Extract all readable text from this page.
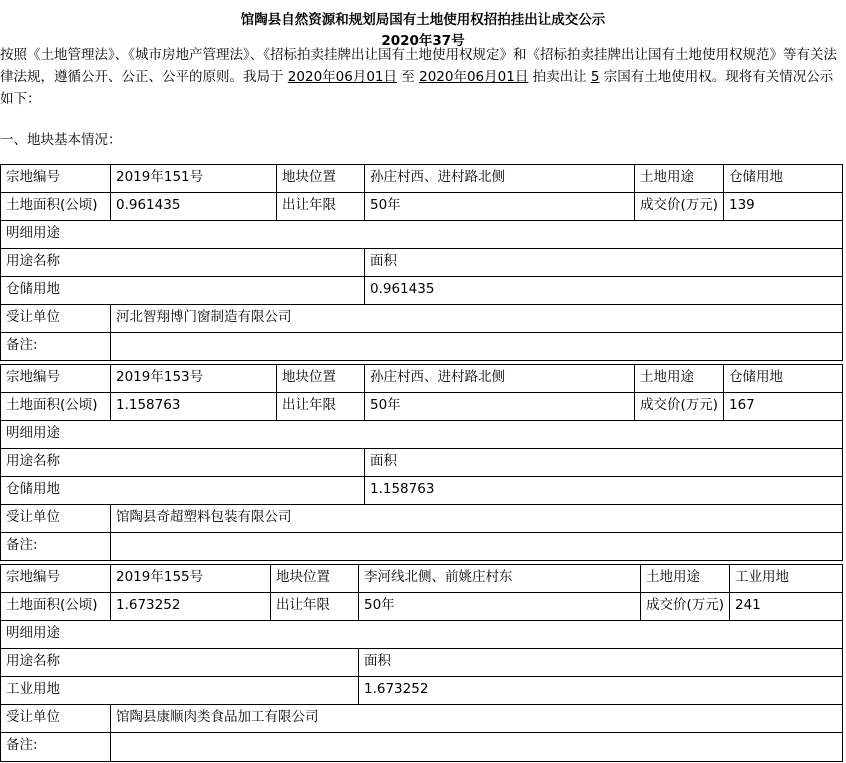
馆陶县自然资源和规划局国有土地使用权招拍挂出让成交公示
2020年37号
按照《土地管理法》、《城市房地产管理法》、《招标拍卖挂牌出让国有土地使用权规定》和《招标拍卖挂牌出让国有土地使用权规范》等有关法律法规，遵循公开、公正、公平的原则。我局于 2020年06月01日 至 2020年06月01日 拍卖出让 5 宗国有土地使用权。现将有关情况公示如下：
一、地块基本情况：
宗地编号	2019年151号	地块位置	孙庄村西、进村路北侧	土地用途	仓储用地
土地面积(公顷)	0.961435	出让年限	50年	成交价(万元) 139
明细用途
用途名称	面积
仓储用地	0.961435
受让单位	河北智翔博门窗制造有限公司
备注:
宗地编号	2019年153号	地块位置	孙庄村西、进村路北侧	土地用途	仓储用地
土地面积(公顷)	1.158763	出让年限	50年	成交价(万元) 167
明细用途
用途名称	面积
仓储用地	1.158763
受让单位	馆陶县奇超塑料包装有限公司
备注:
宗地编号	2019年155号	地块位置	李河线北侧、前姚庄村东	土地用途	工业用地
土地面积(公顷)	1.673252	出让年限	50年	成交价(万元) 241
明细用途
用途名称	面积
工业用地	1.673252
受让单位	馆陶县康顺肉类食品加工有限公司
备注:
